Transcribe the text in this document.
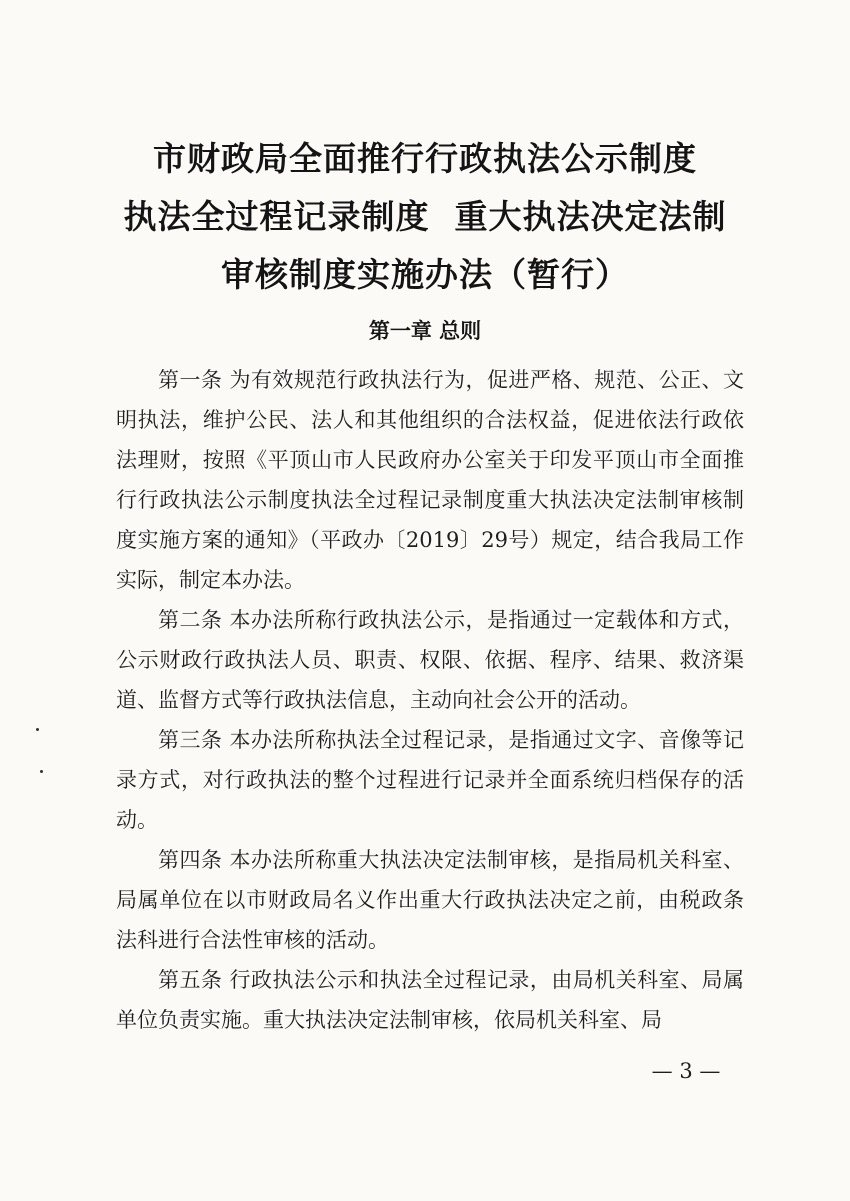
市财政局全面推行行政执法公示制度
执法全过程记录制度  重大执法决定法制
审核制度实施办法（暂行）
第一章 总则

第一条 为有效规范行政执法行为，促进严格、规范、公正、文明执法，维护公民、法人和其他组织的合法权益，促进依法行政依法理财，按照《平顶山市人民政府办公室关于印发平顶山市全面推行行政执法公示制度执法全过程记录制度重大执法决定法制审核制度实施方案的通知》（平政办〔2019〕29号）规定，结合我局工作实际，制定本办法。

第二条 本办法所称行政执法公示，是指通过一定载体和方式，公示财政行政执法人员、职责、权限、依据、程序、结果、救济渠道、监督方式等行政执法信息，主动向社会公开的活动。

第三条 本办法所称执法全过程记录，是指通过文字、音像等记录方式，对行政执法的整个过程进行记录并全面系统归档保存的活动。

第四条 本办法所称重大执法决定法制审核，是指局机关科室、局属单位在以市财政局名义作出重大行政执法决定之前，由税政条法科进行合法性审核的活动。

第五条 行政执法公示和执法全过程记录，由局机关科室、局属单位负责实施。重大执法决定法制审核，依局机关科室、局

— 3 —
